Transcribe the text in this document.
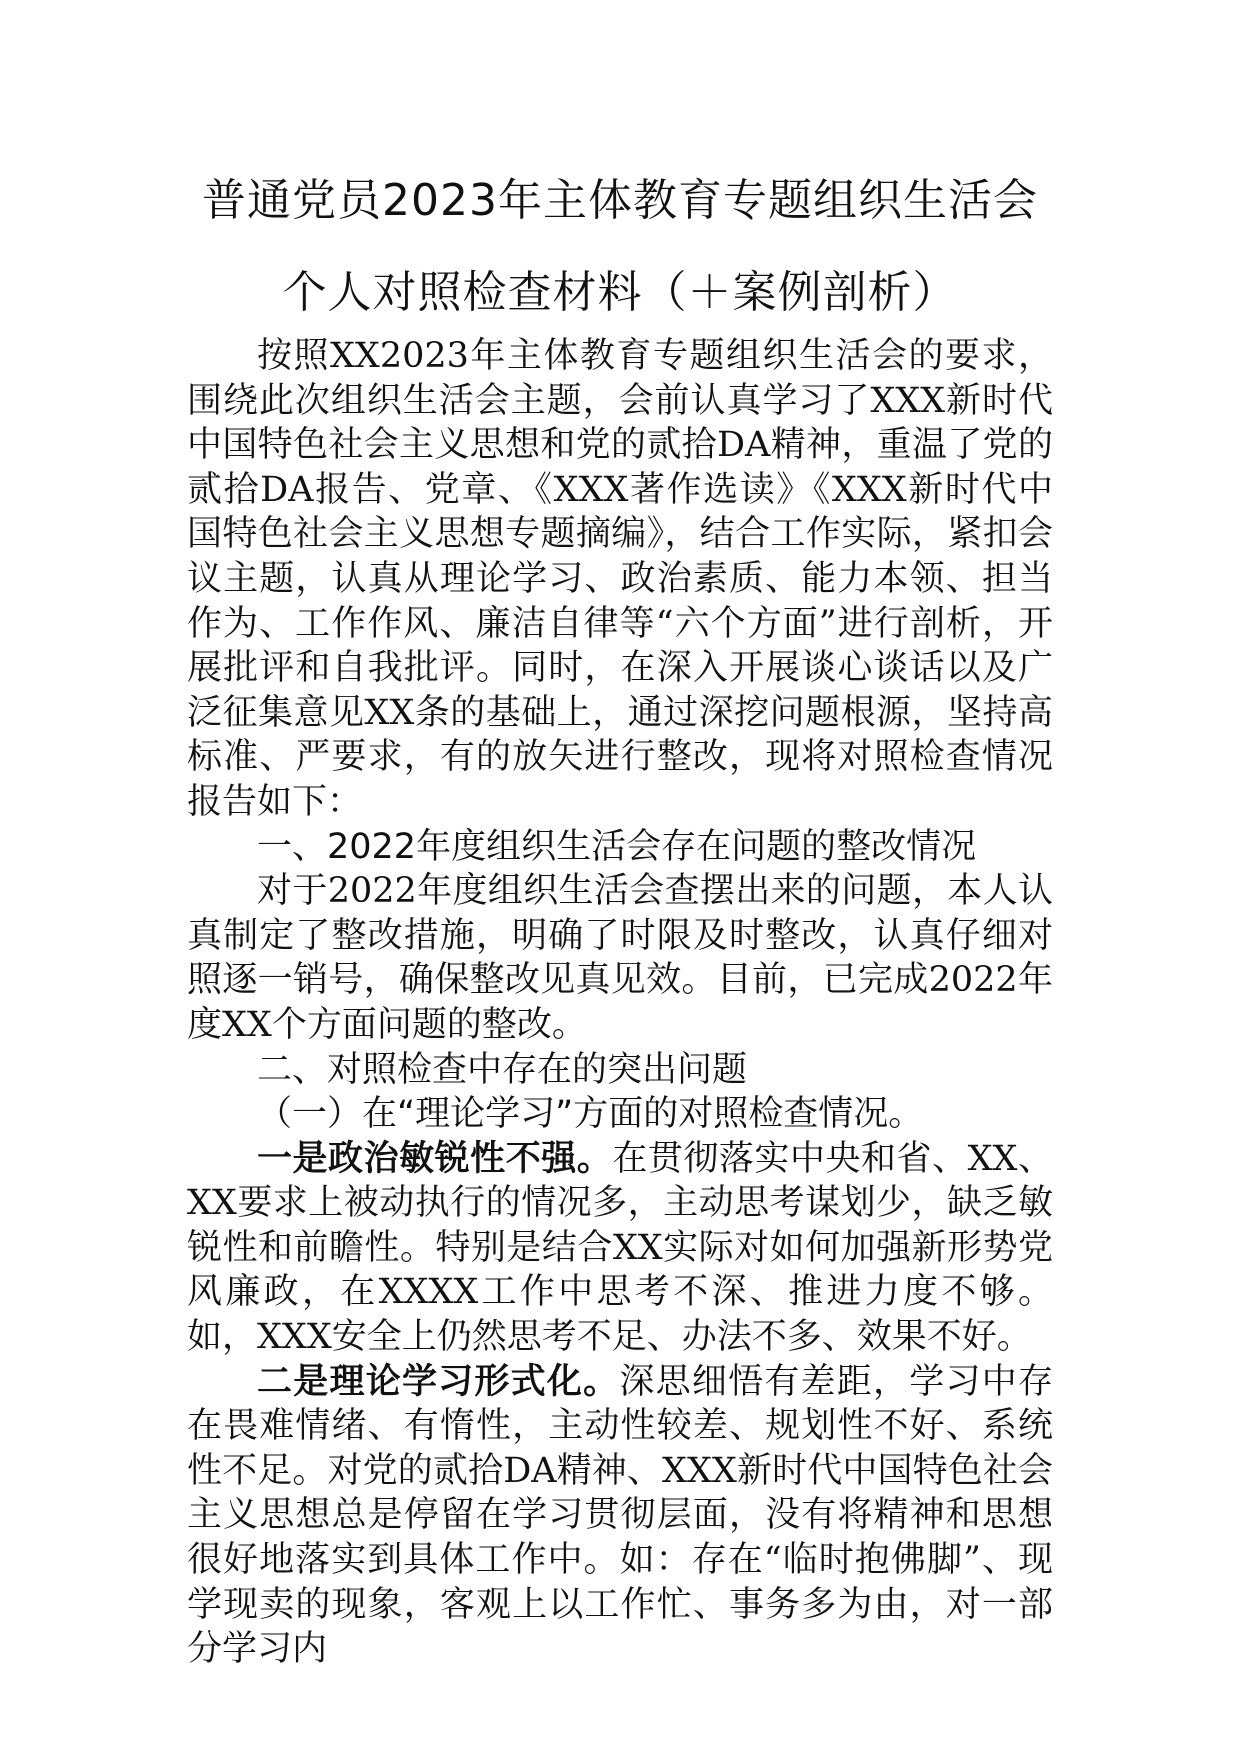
普通党员2023年主体教育专题组织生活会
个人对照检查材料（＋案例剖析）

按照XX2023年主体教育专题组织生活会的要求，围绕此次组织生活会主题，会前认真学习了XXX新时代中国特色社会主义思想和党的贰拾DA精神，重温了党的贰拾DA报告、党章、《XXX著作选读》《XXX新时代中国特色社会主义思想专题摘编》，结合工作实际，紧扣会议主题，认真从理论学习、政治素质、能力本领、担当作为、工作作风、廉洁自律等“六个方面”进行剖析，开展批评和自我批评。同时，在深入开展谈心谈话以及广泛征集意见XX条的基础上，通过深挖问题根源，坚持高标准、严要求，有的放矢进行整改，现将对照检查情况报告如下：

一、2022年度组织生活会存在问题的整改情况

对于2022年度组织生活会查摆出来的问题，本人认真制定了整改措施，明确了时限及时整改，认真仔细对照逐一销号，确保整改见真见效。目前，已完成2022年度XX个方面问题的整改。

二、对照检查中存在的突出问题

（一）在“理论学习”方面的对照检查情况。

一是政治敏锐性不强。在贯彻落实中央和省、XX、XX要求上被动执行的情况多，主动思考谋划少，缺乏敏锐性和前瞻性。特别是结合XX实际对如何加强新形势党风廉政，在XXXX工作中思考不深、推进力度不够。如，XXX安全上仍然思考不足、办法不多、效果不好。

二是理论学习形式化。深思细悟有差距，学习中存在畏难情绪、有惰性，主动性较差、规划性不好、系统性不足。对党的贰拾DA精神、XXX新时代中国特色社会主义思想总是停留在学习贯彻层面，没有将精神和思想很好地落实到具体工作中。如：存在“临时抱佛脚”、现学现卖的现象，客观上以工作忙、事务多为由，对一部分学习内
